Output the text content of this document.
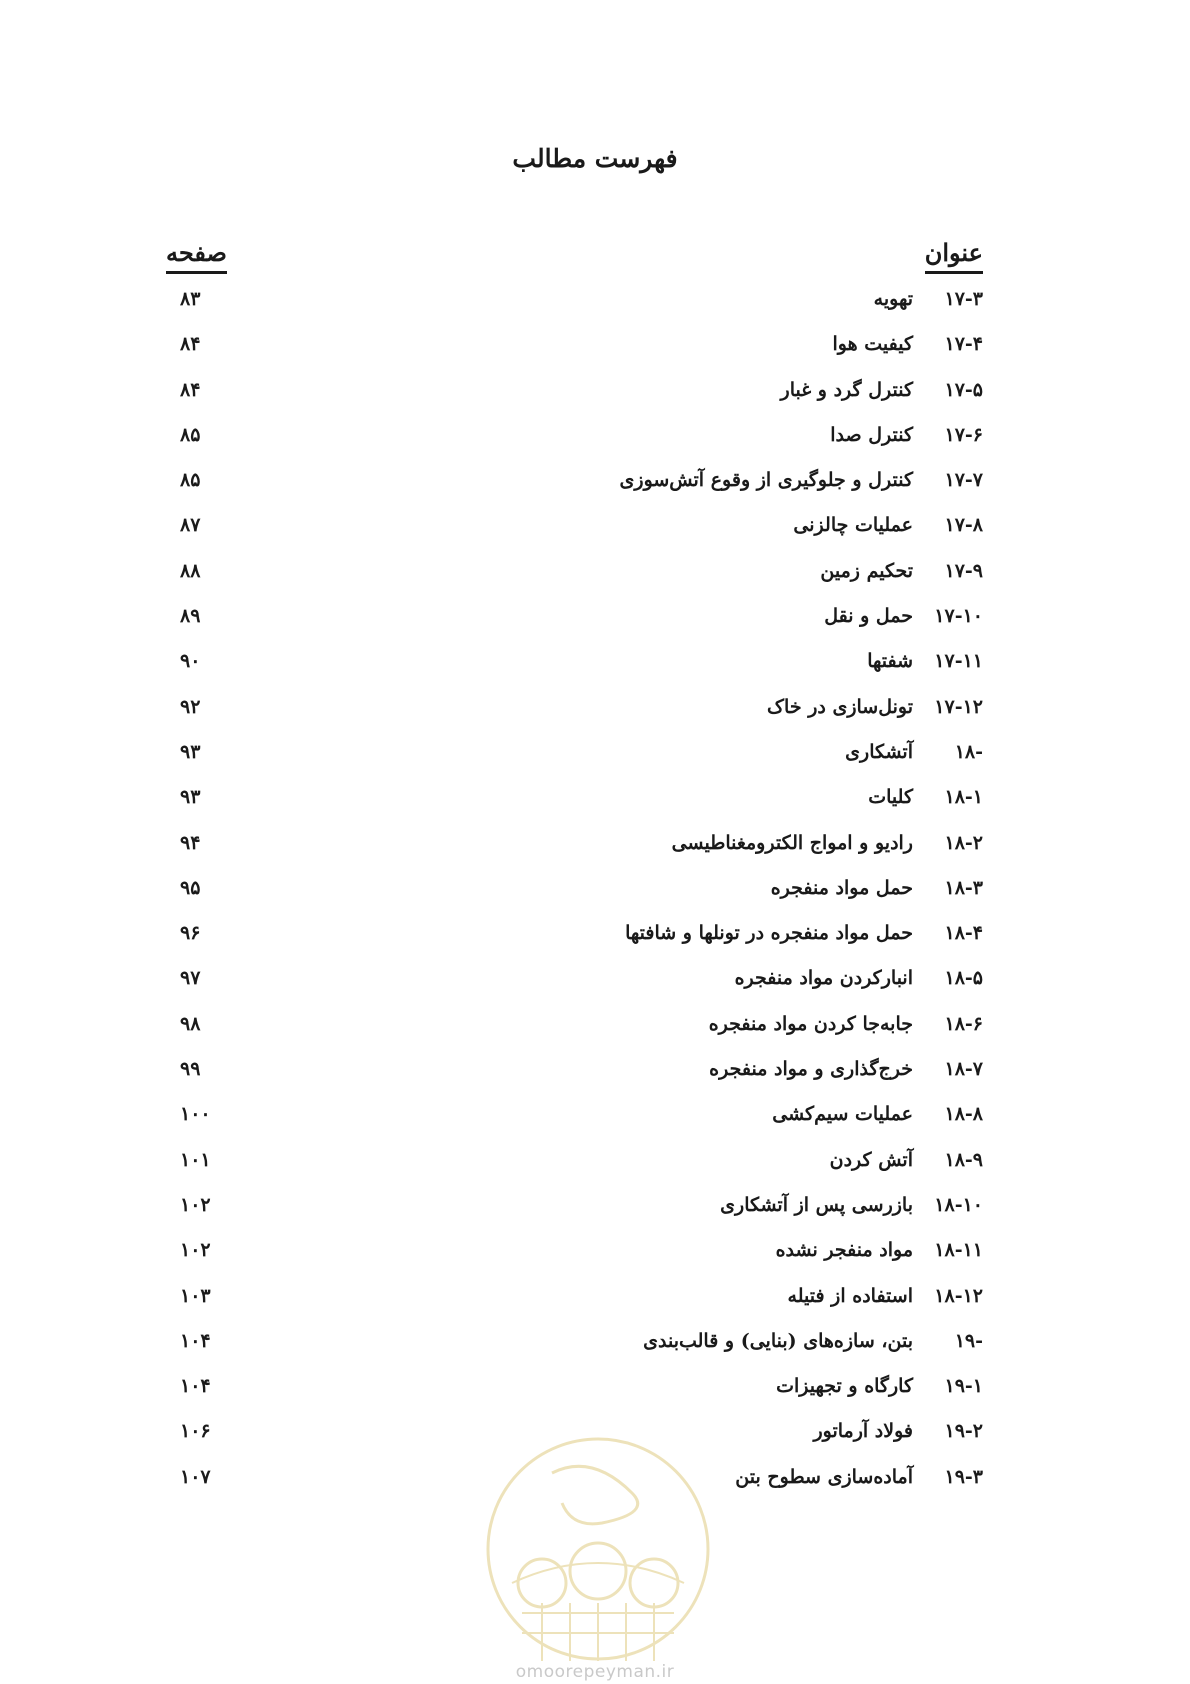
فهرست مطالب
عنوان
صفحه
۱۷-۳تهویه
۸۳
۱۷-۴کیفیت هوا
۸۴
۱۷-۵کنترل گرد و غبار
۸۴
۱۷-۶کنترل صدا
۸۵
۱۷-۷کنترل و جلوگیری از وقوع آتش‌سوزی
۸۵
۱۷-۸عملیات چالزنی
۸۷
۱۷-۹تحکیم زمین
۸۸
۱۷-۱۰حمل و نقل
۸۹
۱۷-۱۱شفتها
۹۰
۱۷-۱۲تونل‌سازی در خاک
۹۲
-۱۸آتشکاری
۹۳
۱۸-۱کلیات
۹۳
۱۸-۲رادیو و امواج الکترومغناطیسی
۹۴
۱۸-۳حمل مواد منفجره
۹۵
۱۸-۴حمل مواد منفجره در تونلها و شافتها
۹۶
۱۸-۵انبارکردن مواد منفجره
۹۷
۱۸-۶جابه‌جا کردن مواد منفجره
۹۸
۱۸-۷خرج‌گذاری و مواد منفجره
۹۹
۱۸-۸عملیات سیم‌کشی
۱۰۰
۱۸-۹آتش کردن
۱۰۱
۱۸-۱۰بازرسی پس از آتشکاری
۱۰۲
۱۸-۱۱مواد منفجر نشده
۱۰۲
۱۸-۱۲استفاده از فتیله
۱۰۳
-۱۹بتن، سازه‌های (بنایی) و قالب‌بندی
۱۰۴
۱۹-۱کارگاه و تجهیزات
۱۰۴
۱۹-۲فولاد آرماتور
۱۰۶
۱۹-۳آماده‌سازی سطوح بتن
۱۰۷
omoorepeyman.ir
